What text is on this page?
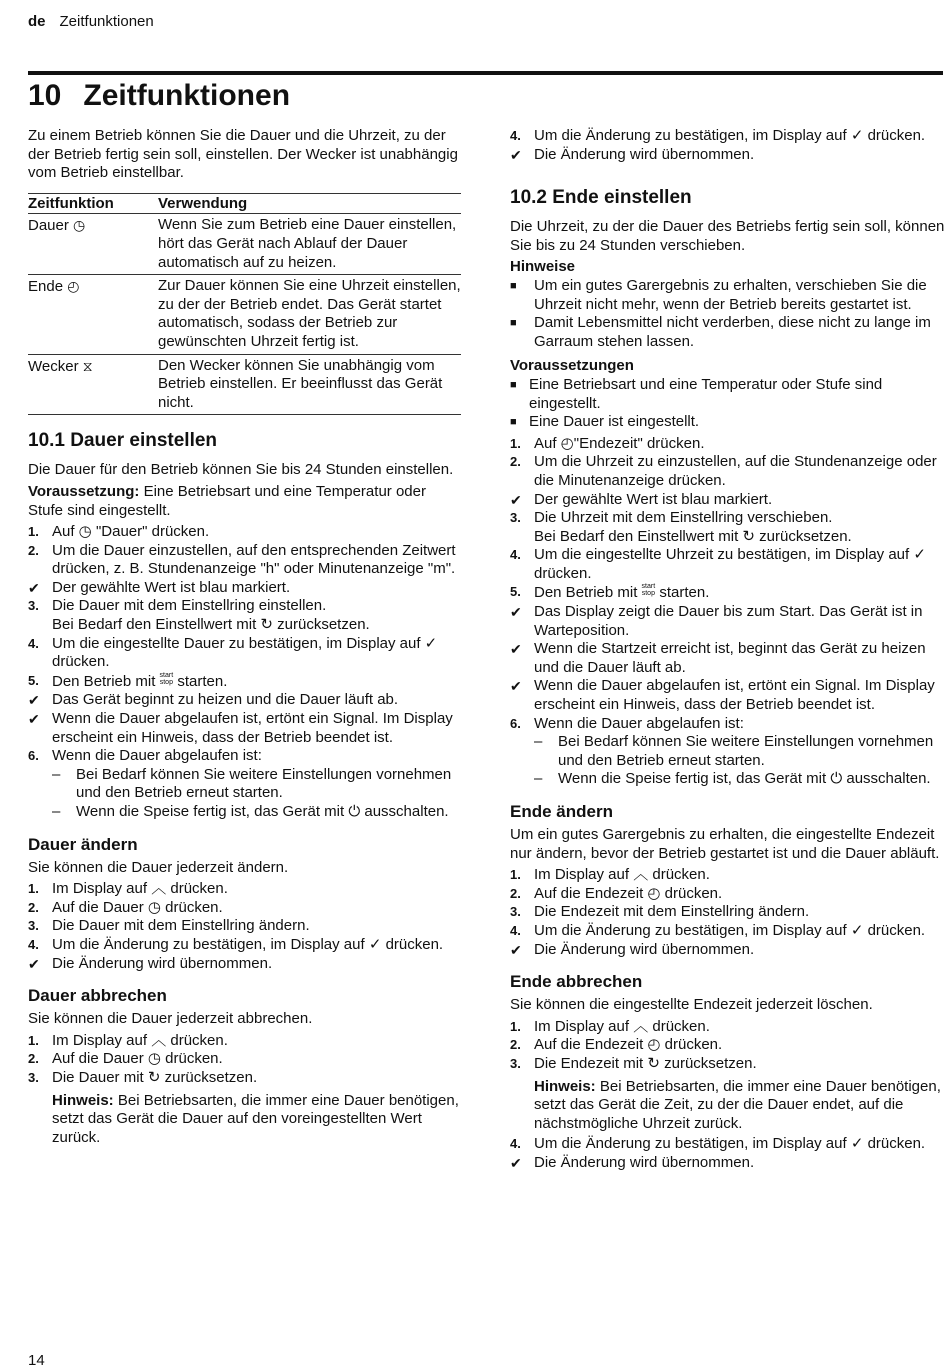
de Zeitfunktionen
10 Zeitfunktionen

Zu einem Betrieb können Sie die Dauer und die Uhrzeit, zu der der Betrieb fertig sein soll, einstellen. Der Wecker ist unabhängig vom Betrieb einstellbar.

Zeitfunktion	Verwendung
Dauer ◷	Wenn Sie zum Betrieb eine Dauer einstellen, hört das Gerät nach Ablauf der Dauer automatisch auf zu heizen.
Ende ◴	Zur Dauer können Sie eine Uhrzeit einstellen, zu der der Betrieb endet. Das Gerät startet automatisch, sodass der Betrieb zur gewünschten Uhrzeit fertig ist.
Wecker ⧖	Den Wecker können Sie unabhängig vom Betrieb einstellen. Er beeinflusst das Gerät nicht.
10.1 Dauer einstellen

Die Dauer für den Betrieb können Sie bis 24 Stunden einstellen.

Voraussetzung: Eine Betriebsart und eine Temperatur oder Stufe sind eingestellt.

1. Auf ◷ "Dauer" drücken.
2. Um die Dauer einzustellen, auf den entsprechenden Zeitwert drücken, z. B. Stundenanzeige "h" oder Minutenanzeige "m".
✔ Der gewählte Wert ist blau markiert.
3. Die Dauer mit dem Einstellring einstellen.
Bei Bedarf den Einstellwert mit ↻ zurücksetzen.
4. Um die eingestellte Dauer zu bestätigen, im Display auf ✓ drücken.
5. Den Betrieb mit start
stop starten.
✔ Das Gerät beginnt zu heizen und die Dauer läuft ab.
✔ Wenn die Dauer abgelaufen ist, ertönt ein Signal. Im Display erscheint ein Hinweis, dass der Betrieb beendet ist.
6. Wenn die Dauer abgelaufen ist:
–	Bei Bedarf können Sie weitere Einstellungen vornehmen und den Betrieb erneut starten.
–	Wenn die Speise fertig ist, das Gerät mit ⏻ ausschalten.
Dauer ändern

Sie können die Dauer jederzeit ändern.

1. Im Display auf ︿ drücken.
2. Auf die Dauer ◷ drücken.
3. Die Dauer mit dem Einstellring ändern.
4. Um die Änderung zu bestätigen, im Display auf ✓ drücken.
✔ Die Änderung wird übernommen.
Dauer abbrechen

Sie können die Dauer jederzeit abbrechen.

1. Im Display auf ︿ drücken.
2. Auf die Dauer ◷ drücken.
3. Die Dauer mit ↻ zurücksetzen.

Hinweis: Bei Betriebsarten, die immer eine Dauer benötigen, setzt das Gerät die Dauer auf den voreingestellten Wert zurück.

4. Um die Änderung zu bestätigen, im Display auf ✓ drücken.
✔ Die Änderung wird übernommen.
10.2 Ende einstellen

Die Uhrzeit, zu der die Dauer des Betriebs fertig sein soll, können Sie bis zu 24 Stunden verschieben.

Hinweise
■	Um ein gutes Garergebnis zu erhalten, verschieben Sie die Uhrzeit nicht mehr, wenn der Betrieb bereits gestartet ist.
■	Damit Lebensmittel nicht verderben, diese nicht zu lange im Garraum stehen lassen.
Voraussetzungen
■ Eine Betriebsart und eine Temperatur oder Stufe sind eingestellt.
■ Eine Dauer ist eingestellt.
1. Auf ◴"Endezeit" drücken.
2. Um die Uhrzeit zu einzustellen, auf die Stundenanzeige oder die Minutenanzeige drücken.
✔ Der gewählte Wert ist blau markiert.
3. Die Uhrzeit mit dem Einstellring verschieben.
Bei Bedarf den Einstellwert mit ↻ zurücksetzen.
4. Um die eingestellte Uhrzeit zu bestätigen, im Display auf ✓ drücken.
5. Den Betrieb mit start
stop starten.
✔ Das Display zeigt die Dauer bis zum Start. Das Gerät ist in Warteposition.
✔ Wenn die Startzeit erreicht ist, beginnt das Gerät zu heizen und die Dauer läuft ab.
✔ Wenn die Dauer abgelaufen ist, ertönt ein Signal. Im Display erscheint ein Hinweis, dass der Betrieb beendet ist.
6. Wenn die Dauer abgelaufen ist:
–	Bei Bedarf können Sie weitere Einstellungen vornehmen und den Betrieb erneut starten.
–	Wenn die Speise fertig ist, das Gerät mit ⏻ ausschalten.
Ende ändern

Um ein gutes Garergebnis zu erhalten, die eingestellte Endezeit nur ändern, bevor der Betrieb gestartet ist und die Dauer abläuft.

1. Im Display auf ︿ drücken.
2. Auf die Endezeit ◴ drücken.
3. Die Endezeit mit dem Einstellring ändern.
4. Um die Änderung zu bestätigen, im Display auf ✓ drücken.
✔ Die Änderung wird übernommen.
Ende abbrechen

Sie können die eingestellte Endezeit jederzeit löschen.

1. Im Display auf ︿ drücken.
2. Auf die Endezeit ◴ drücken.
3. Die Endezeit mit ↻ zurücksetzen.

Hinweis: Bei Betriebsarten, die immer eine Dauer benötigen, setzt das Gerät die Zeit, zu der die Dauer endet, auf die nächstmögliche Uhrzeit zurück.

4. Um die Änderung zu bestätigen, im Display auf ✓ drücken.
✔ Die Änderung wird übernommen.
14
